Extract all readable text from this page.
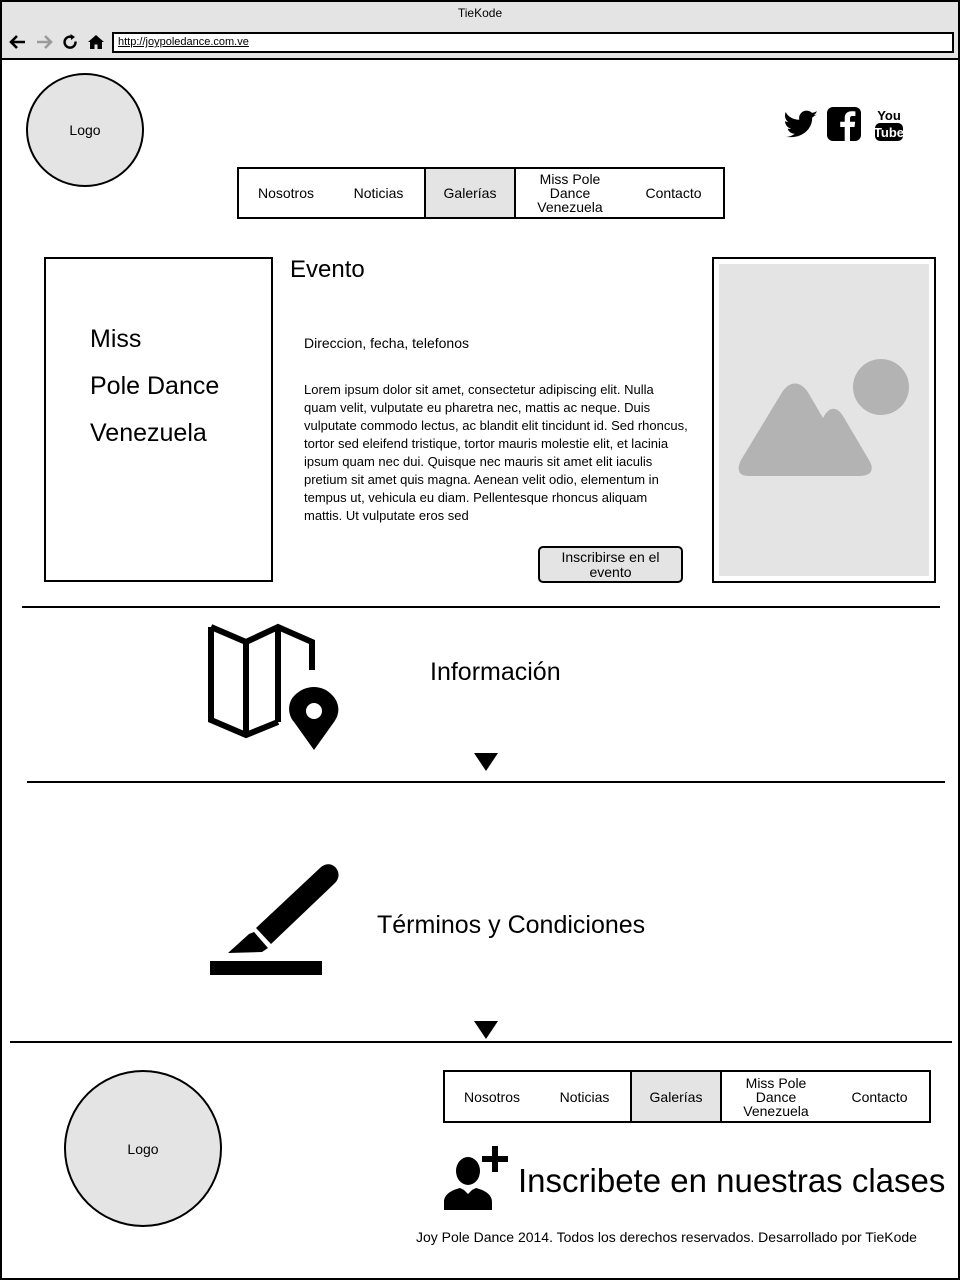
TieKode
http://joypoledance.com.ve
Logo
You
Tube
Nosotros	Noticias	Galerías
Miss Pole Dance Venezuela
Contacto
Miss
Pole Dance
Venezuela
Evento
Direccion, fecha, telefonos
Lorem ipsum dolor sit amet, consectetur adipiscing elit. Nulla quam velit, vulputate eu pharetra nec, mattis ac neque. Duis vulputate commodo lectus, ac blandit elit tincidunt id. Sed rhoncus, tortor sed eleifend tristique, tortor mauris molestie elit, et lacinia ipsum quam nec dui. Quisque nec mauris sit amet elit iaculis pretium sit amet quis magna. Aenean velit odio, elementum in tempus ut, vehicula eu diam. Pellentesque rhoncus aliquam mattis. Ut vulputate eros sed
Inscribirse en el evento
Información
Términos y Condiciones
Logo
Nosotros	Noticias	Galerías
Miss Pole Dance Venezuela
Contacto
Inscribete en nuestras clases
Joy Pole Dance 2014. Todos los derechos reservados. Desarrollado por TieKode
